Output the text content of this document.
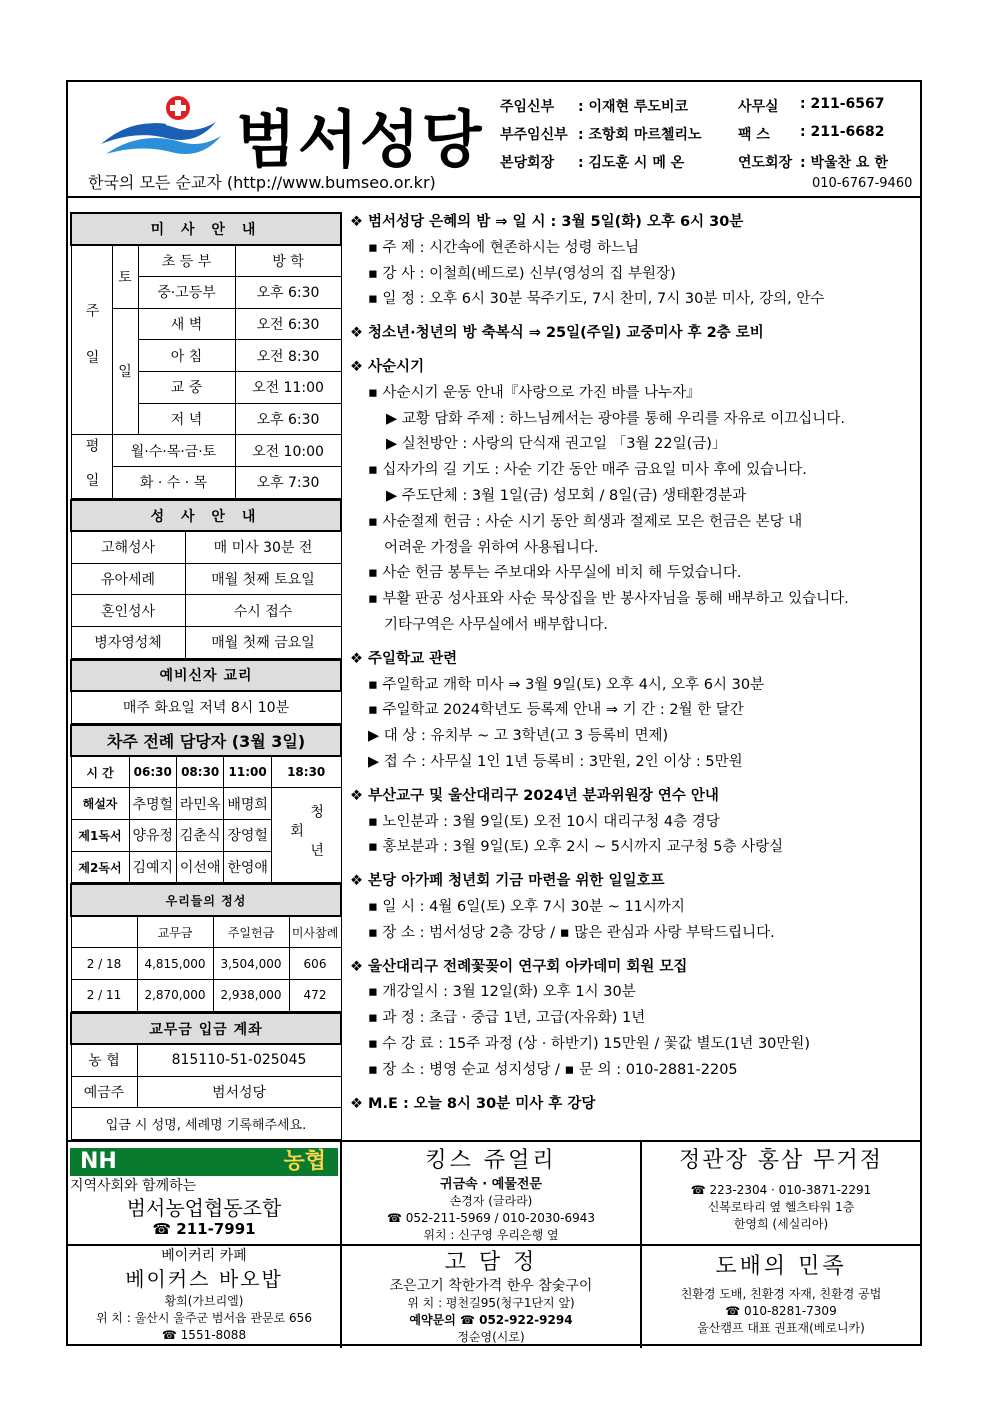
범서성당
한국의 모든 순교자 (http://www.bumseo.or.kr)
주임신부 : 이재현 루도비코
부주임신부 : 조항회 마르첼리노
본당회장 : 김도훈 시 메 온
사무실 : 211-6567
팩 스 : 211-6682
연도회장 : 박울찬 요 한
010-6767-9460
미 사 안 내			
주 일	토	초 등 부	방 학
		중·고등부	오후 6:30
	일	새 벽	오전 6:30
		아 침	오전 8:30
		교 중	오전 11:00
		저 녁	오후 6:30
평 일	월·수·목·금·토		오전 10:00
	화 · 수 · 목		오후 7:30
성 사 안 내	
고해성사	매 미사 30분 전
유아세례	매월 첫째 토요일
혼인성사	수시 접수
병자영성체	매월 첫째 금요일
예비신자 교리
매주 화요일 저녁 8시 10분
차주 전례 담당자 (3월 3일)				
시 간	06:30	08:30	11:00	18:30
해설자	추명헐	라민옥	배명희	청 년 회
제1독서	양유정	김춘식	장영헐	
제2독서	김예지	이선애	한영애	
우리들의 정성			
	교무금	주일헌금	미사참례
2 / 18	4,815,000	3,504,000	606
2 / 11	2,870,000	2,938,000	472
교무금 입금 계좌	
농 협	815110-51-025045
예금주	범서성당
입금 시 성명, 세례명 기록해주세요.	
❖ 범서성당 은혜의 밤 ⇒ 일 시 : 3월 5일(화) 오후 6시 30분
▪ 주 제 : 시간속에 현존하시는 성령 하느님
▪ 강 사 : 이철희(베드로) 신부(영성의 집 부원장)
▪ 일 정 : 오후 6시 30분 묵주기도, 7시 찬미, 7시 30분 미사, 강의, 안수
❖ 청소년·청년의 방 축복식 ⇒ 25일(주일) 교중미사 후 2층 로비
❖ 사순시기
▪ 사순시기 운동 안내『사랑으로 가진 바를 나누자』
▶ 교황 담화 주제 : 하느님께서는 광야를 통해 우리를 자유로 이끄십니다.
▶ 실천방안 : 사랑의 단식재 권고일 「3월 22일(금)」
▪ 십자가의 길 기도 : 사순 기간 동안 매주 금요일 미사 후에 있습니다.
▶ 주도단체 : 3월 1일(금) 성모회 / 8일(금) 생태환경분과
▪ 사순절제 헌금 : 사순 시기 동안 희생과 절제로 모은 헌금은 본당 내
어려운 가정을 위하여 사용됩니다.
▪ 사순 헌금 봉투는 주보대와 사무실에 비치 해 두었습니다.
▪ 부활 판공 성사표와 사순 묵상집을 반 봉사자님을 통해 배부하고 있습니다.
기타구역은 사무실에서 배부합니다.
❖ 주일학교 관련
▪ 주일학교 개학 미사 ⇒ 3월 9일(토) 오후 4시, 오후 6시 30분
▪ 주일학교 2024학년도 등록제 안내 ⇒ 기 간 : 2월 한 달간
▶ 대 상 : 유치부 ~ 고 3학년(고 3 등록비 면제)
▶ 접 수 : 사무실 1인 1년 등록비 : 3만원, 2인 이상 : 5만원
❖ 부산교구 및 울산대리구 2024년 분과위원장 연수 안내
▪ 노인분과 : 3월 9일(토) 오전 10시 대리구청 4층 경당
▪ 홍보분과 : 3월 9일(토) 오후 2시 ~ 5시까지 교구청 5층 사랑실
❖ 본당 아가페 청년회 기금 마련을 위한 일일호프
▪ 일 시 : 4월 6일(토) 오후 7시 30분 ~ 11시까지
▪ 장 소 : 범서성당 2층 강당 / ▪ 많은 관심과 사랑 부탁드립니다.
❖ 울산대리구 전례꽃꽂이 연구회 아카데미 회원 모집
▪ 개강일시 : 3월 12일(화) 오후 1시 30분
▪ 과 정 : 초급 · 중급 1년, 고급(자유화) 1년
▪ 수 강 료 : 15주 과정 (상 · 하반기) 15만원 / 꽃값 별도(1년 30만원)
▪ 장 소 : 병영 순교 성지성당 / ▪ 문 의 : 010-2881-2205
❖ M.E : 오늘 8시 30분 미사 후 강당
NH	농협
지역사회와 함께하는
범서농업협동조합
☎ 211-7991
킹스 쥬얼리
귀금속 · 예물전문
손경자 (글라라)
☎ 052-211-5969 / 010-2030-6943
위치 : 신구영 우리은행 옆
정관장 홍삼 무거점
☎ 223-2304 · 010-3871-2291
신복로타리 옆 헬츠타워 1층
한영희 (세실리아)
베이커리 카페
베이커스 바오밥
황희(가브리엘)
위 치 : 울산시 울주군 범서읍 관문로 656
☎ 1551-8088
고 담 정
조은고기 착한가격 한우 참숯구이
위 치 : 평천길95(청구1단지 앞)
예약문의 ☎ 052-922-9294
정순영(시로)
도배의 민족
친환경 도배, 친환경 자재, 친환경 공법
☎ 010-8281-7309
울산캠프 대표 권표재(베로니카)
